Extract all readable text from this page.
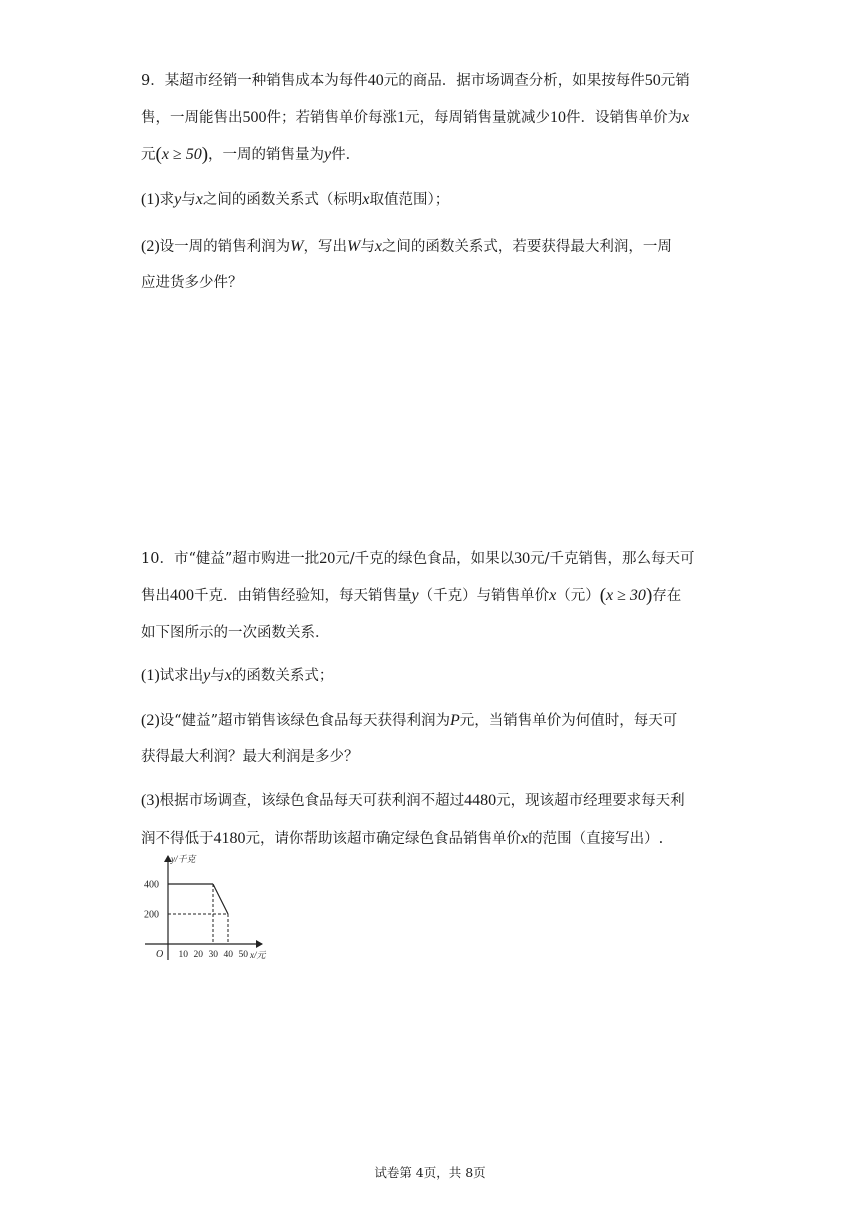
9．某超市经销一种销售成本为每件40元的商品．据市场调查分析，如果按每件50元销
售，一周能售出500件；若销售单价每涨1元，每周销售量就减少10件．设销售单价为x
元(x ≥ 50)，一周的销售量为y件．
(1)求y与x之间的函数关系式（标明x取值范围）；
(2)设一周的销售利润为W，写出W与x之间的函数关系式，若要获得最大利润，一周
应进货多少件？
10．市“健益”超市购进一批20元/千克的绿色食品，如果以30元/千克销售，那么每天可
售出400千克．由销售经验知，每天销售量y（千克）与销售单价x（元）(x ≥ 30)存在
如下图所示的一次函数关系．
(1)试求出y与x的函数关系式；
(2)设“健益”超市销售该绿色食品每天获得利润为P元，当销售单价为何值时，每天可
获得最大利润？最大利润是多少？
(3)根据市场调查，该绿色食品每天可获利润不超过4480元，现该超市经理要求每天利
润不得低于4180元，请你帮助该超市确定绿色食品销售单价x的范围（直接写出）.
y/千克
x/元
O
400
200
10 20 30 40 50
试卷第 4页，共 8页
